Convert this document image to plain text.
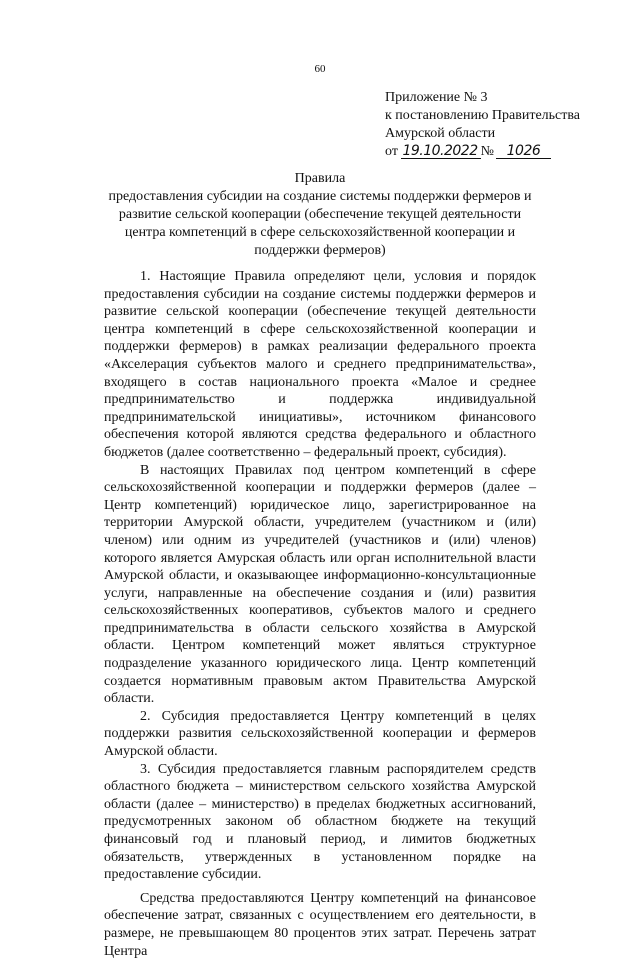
60
Приложение № 3
к постановлению Правительства
Амурской области
от 19.10.2022 № 1026
Правила
предоставления субсидии на создание системы поддержки фермеров и развитие сельской кооперации (обеспечение текущей деятельности центра компетенций в сфере сельскохозяйственной кооперации и поддержки фермеров)

1. Настоящие Правила определяют цели, условия и порядок предоставления субсидии на создание системы поддержки фермеров и развитие сельской кооперации (обеспечение текущей деятельности центра компетенций в сфере сельскохозяйственной кооперации и поддержки фермеров) в рамках реализации федерального проекта «Акселерация субъектов малого и среднего предпринимательства», входящего в состав национального проекта «Малое и среднее предпринимательство и поддержка индивидуальной предпринимательской инициативы», источником финансового обеспечения которой являются средства федерального и областного бюджетов (далее соответственно – федеральный проект, субсидия).

В настоящих Правилах под центром компетенций в сфере сельскохозяйственной кооперации и поддержки фермеров (далее – Центр компетенций) юридическое лицо, зарегистрированное на территории Амурской области, учредителем (участником и (или) членом) или одним из учредителей (участников и (или) членов) которого является Амурская область или орган исполнительной власти Амурской области, и оказывающее информационно-консультационные услуги, направленные на обеспечение создания и (или) развития сельскохозяйственных кооперативов, субъектов малого и среднего предпринимательства в области сельского хозяйства в Амурской области. Центром компетенций может являться структурное подразделение указанного юридического лица. Центр компетенций создается нормативным правовым актом Правительства Амурской области.

2. Субсидия предоставляется Центру компетенций в целях поддержки развития сельскохозяйственной кооперации и фермеров Амурской области.

3. Субсидия предоставляется главным распорядителем средств областного бюджета – министерством сельского хозяйства Амурской области (далее – министерство) в пределах бюджетных ассигнований, предусмотренных законом об областном бюджете на текущий финансовый год и плановый период, и лимитов бюджетных обязательств, утвержденных в установленном порядке на предоставление субсидии.

Средства предоставляются Центру компетенций на финансовое обеспечение затрат, связанных с осуществлением его деятельности, в размере, не превышающем 80 процентов этих затрат. Перечень затрат Центра
